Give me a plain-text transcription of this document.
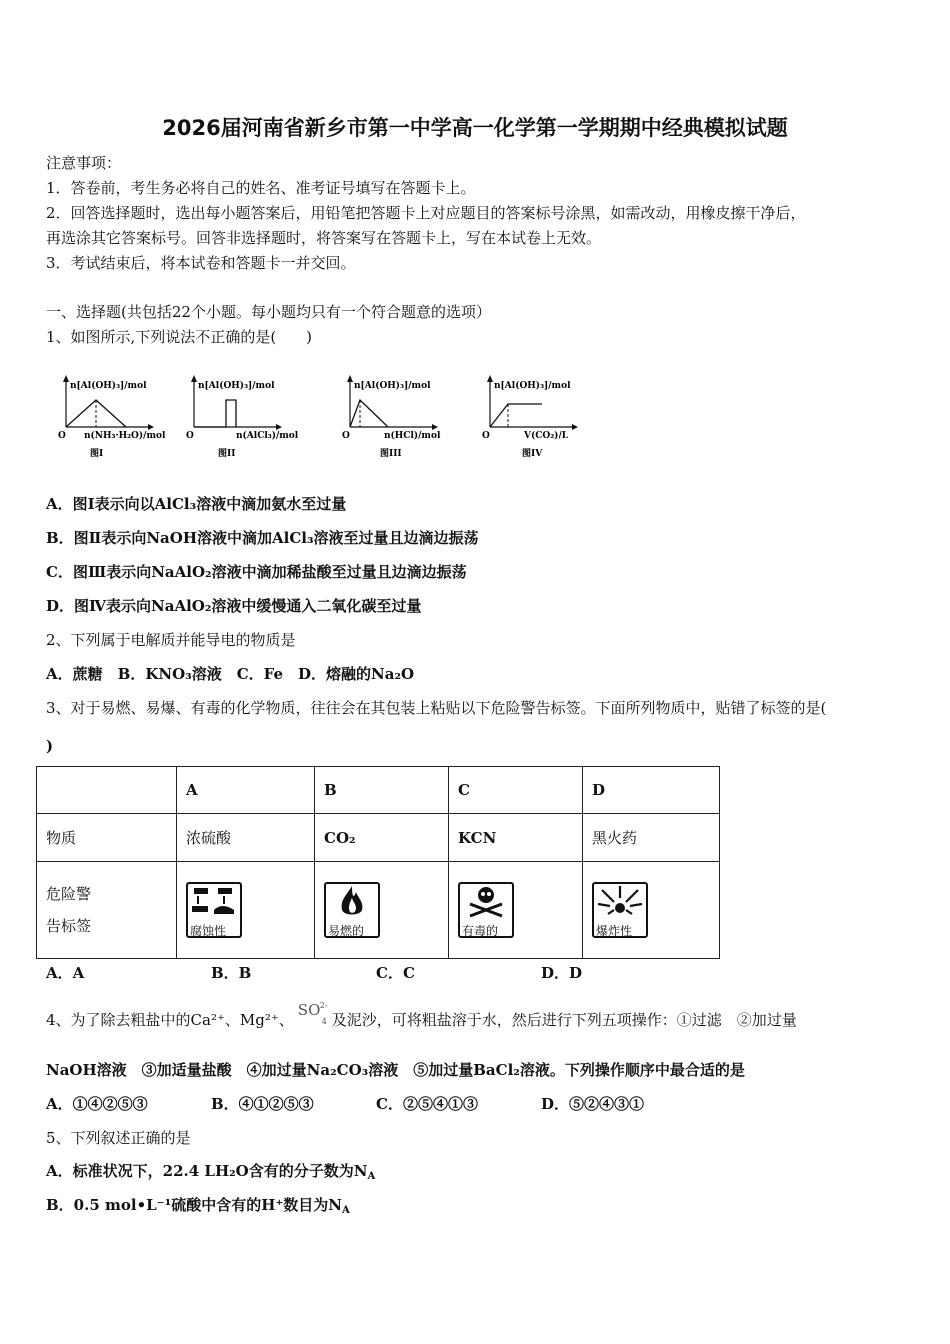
2026届河南省新乡市第一中学高一化学第一学期期中经典模拟试题
注意事项：
1．答卷前，考生务必将自己的姓名、准考证号填写在答题卡上。
2．回答选择题时，选出每小题答案后，用铅笔把答题卡上对应题目的答案标号涂黑，如需改动，用橡皮擦干净后，
再选涂其它答案标号。回答非选择题时，将答案写在答题卡上，写在本试卷上无效。
3．考试结束后，将本试卷和答题卡一并交回。
一、选择题(共包括22个小题。每小题均只有一个符合题意的选项）
1、如图所示,下列说法不正确的是(　　)
n[Al(OH)₃]/mol
O n(NH₃·H₂O)/mol
图I
n[Al(OH)₃]/mol
O	n(AlCl₃)/mol
图II
n[Al(OH)₃]/mol
O	n(HCl)/mol
图III
n[Al(OH)₃]/mol
O	V(CO₂)/L
图IV
A．图Ⅰ表示向以AlCl₃溶液中滴加氨水至过量
B．图Ⅱ表示向NaOH溶液中滴加AlCl₃溶液至过量且边滴边振荡
C．图Ⅲ表示向NaAlO₂溶液中滴加稀盐酸至过量且边滴边振荡
D．图Ⅳ表示向NaAlO₂溶液中缓慢通入二氧化碳至过量
2、下列属于电解质并能导电的物质是
A．蔗糖　B．KNO₃溶液　C．Fe　D．熔融的Na₂O
3、对于易燃、易爆、有毒的化学物质，往往会在其包装上粘贴以下危险警告标签。下面所列物质中，贴错了标签的是(
)
	A	B	C	D
物质	浓硫酸	CO₂	KCN	黑火药

危险警
告标签	腐蚀性	易燃的	有毒的	爆炸性
A．A	B．B	C．C	D．D
4、为了除去粗盐中的Ca²⁺、Mg²⁺、
SO 2-
4 及泥沙，可将粗盐溶于水，然后进行下列五项操作：①过滤　②加过量
NaOH溶液　③加适量盐酸　④加过量Na₂CO₃溶液　⑤加过量BaCl₂溶液。下列操作顺序中最合适的是
A．①④②⑤③	B．④①②⑤③	C．②⑤④①③	D．⑤②④③①
5、下列叙述正确的是
A．标准状况下，22.4 LH₂O含有的分子数为$N_A$
B．0.5 mol•L⁻¹硫酸中含有的H⁺数目为$N_A$
